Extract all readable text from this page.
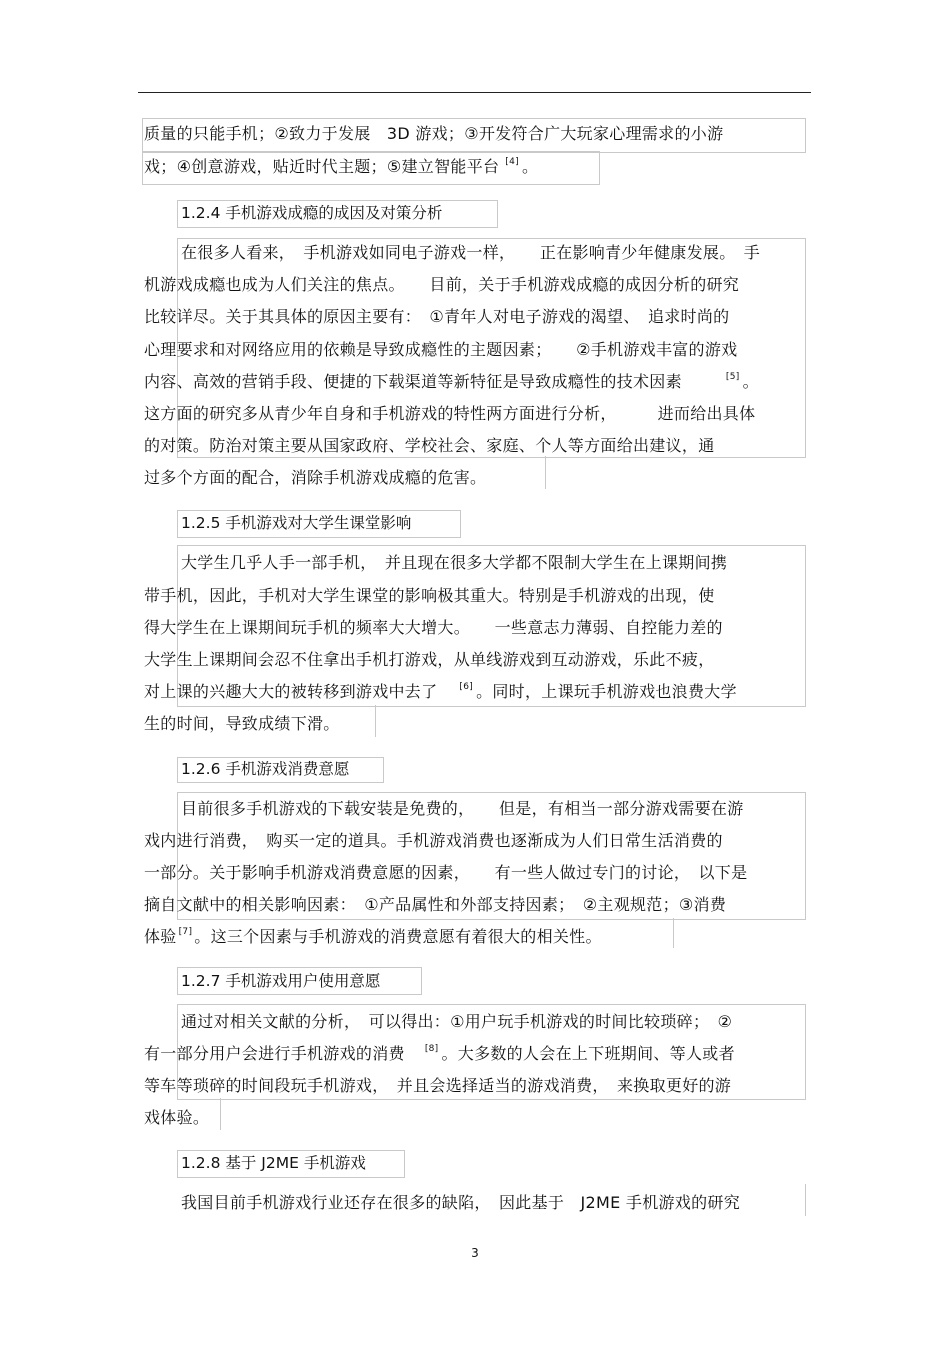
质量的只能手机；②致力于发展　3D 游戏；③开发符合广大玩家心理需求的小游
戏；④创意游戏，贴近时代主题；⑤建立智能平台 [4] 。
1.2.4 手机游戏成瘾的成因及对策分析
在很多人看来，　手机游戏如同电子游戏一样，　　正在影响青少年健康发展。　手
机游戏成瘾也成为人们关注的焦点。　　目前，关于手机游戏成瘾的成因分析的研究
比较详尽。关于其具体的原因主要有：　①青年人对电子游戏的渴望、　追求时尚的
心理要求和对网络应用的依赖是导致成瘾性的主题因素；　　②手机游戏丰富的游戏
内容、高效的营销手段、便捷的下载渠道等新特征是导致成瘾性的技术因素	[5] 。
这方面的研究多从青少年自身和手机游戏的特性两方面进行分析，　　　进而给出具体
的对策。防治对策主要从国家政府、学校社会、家庭、个人等方面给出建议，通
过多个方面的配合，消除手机游戏成瘾的危害。
1.2.5 手机游戏对大学生课堂影响
大学生几乎人手一部手机，　并且现在很多大学都不限制大学生在上课期间携
带手机，因此，手机对大学生课堂的影响极其重大。特别是手机游戏的出现，使
得大学生在上课期间玩手机的频率大大增大。　　一些意志力薄弱、自控能力差的
大学生上课期间会忍不住拿出手机打游戏，从单线游戏到互动游戏，乐此不疲，
对上课的兴趣大大的被转移到游戏中去了 [6] 。同时，上课玩手机游戏也浪费大学
生的时间，导致成绩下滑。
1.2.6 手机游戏消费意愿
目前很多手机游戏的下载安装是免费的，　　但是，有相当一部分游戏需要在游
戏内进行消费，　购买一定的道具。手机游戏消费也逐渐成为人们日常生活消费的
一部分。关于影响手机游戏消费意愿的因素，　　有一些人做过专门的讨论，　以下是
摘自文献中的相关影响因素：　①产品属性和外部支持因素；　②主观规范；③消费
体验 [7] 。这三个因素与手机游戏的消费意愿有着很大的相关性。
1.2.7 手机游戏用户使用意愿
通过对相关文献的分析，　可以得出：①用户玩手机游戏的时间比较琐碎；　②
有一部分用户会进行手机游戏的消费 [8] 。大多数的人会在上下班期间、等人或者
等车等琐碎的时间段玩手机游戏，　并且会选择适当的游戏消费，　来换取更好的游
戏体验。
1.2.8 基于 J2ME 手机游戏
我国目前手机游戏行业还存在很多的缺陷，　因此基于　J2ME 手机游戏的研究
3
